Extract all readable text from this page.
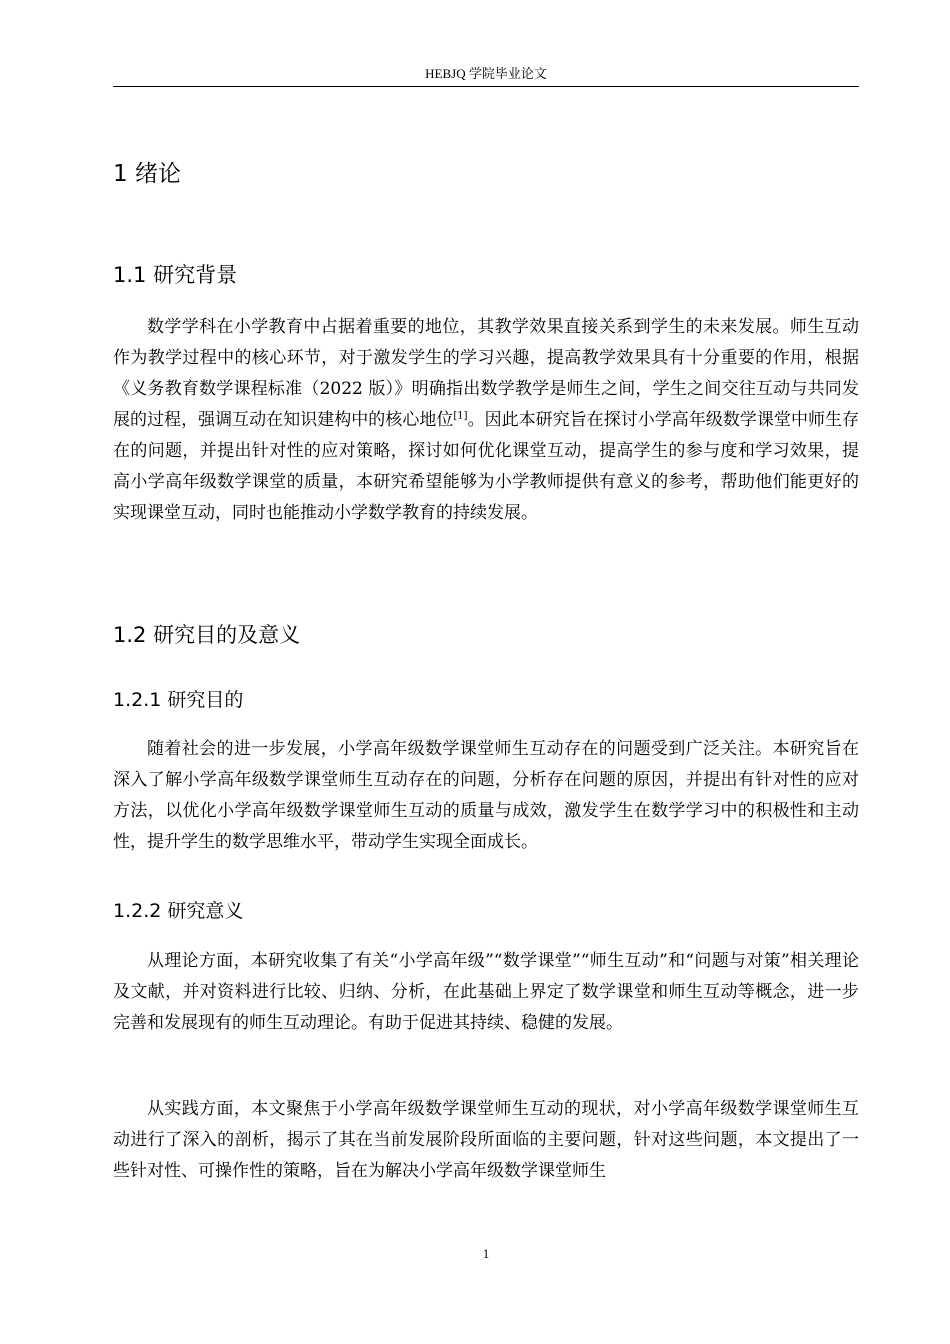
HEBJQ 学院毕业论文
1 绪论
1.1 研究背景

数学学科在小学教育中占据着重要的地位，其教学效果直接关系到学生的未来发展。师生互动作为教学过程中的核心环节，对于激发学生的学习兴趣，提高教学效果具有十分重要的作用，根据《义务教育数学课程标准（2022 版）》明确指出数学教学是师生之间，学生之间交往互动与共同发展的过程，强调互动在知识建构中的核心地位[1]。因此本研究旨在探讨小学高年级数学课堂中师生存在的问题，并提出针对性的应对策略，探讨如何优化课堂互动，提高学生的参与度和学习效果，提高小学高年级数学课堂的质量，本研究希望能够为小学教师提供有意义的参考，帮助他们能更好的实现课堂互动，同时也能推动小学数学教育的持续发展。

1.2 研究目的及意义
1.2.1 研究目的

随着社会的进一步发展，小学高年级数学课堂师生互动存在的问题受到广泛关注。本研究旨在深入了解小学高年级数学课堂师生互动存在的问题，分析存在问题的原因，并提出有针对性的应对方法，以优化小学高年级数学课堂师生互动的质量与成效，激发学生在数学学习中的积极性和主动性，提升学生的数学思维水平，带动学生实现全面成长。

1.2.2 研究意义

从理论方面，本研究收集了有关“小学高年级”“数学课堂”“师生互动”和“问题与对策”相关理论及文献，并对资料进行比较、归纳、分析，在此基础上界定了数学课堂和师生互动等概念，进一步完善和发展现有的师生互动理论。有助于促进其持续、稳健的发展。

从实践方面，本文聚焦于小学高年级数学课堂师生互动的现状，对小学高年级数学课堂师生互动进行了深入的剖析，揭示了其在当前发展阶段所面临的主要问题，针对这些问题，本文提出了一些针对性、可操作性的策略，旨在为解决小学高年级数学课堂师生

1
